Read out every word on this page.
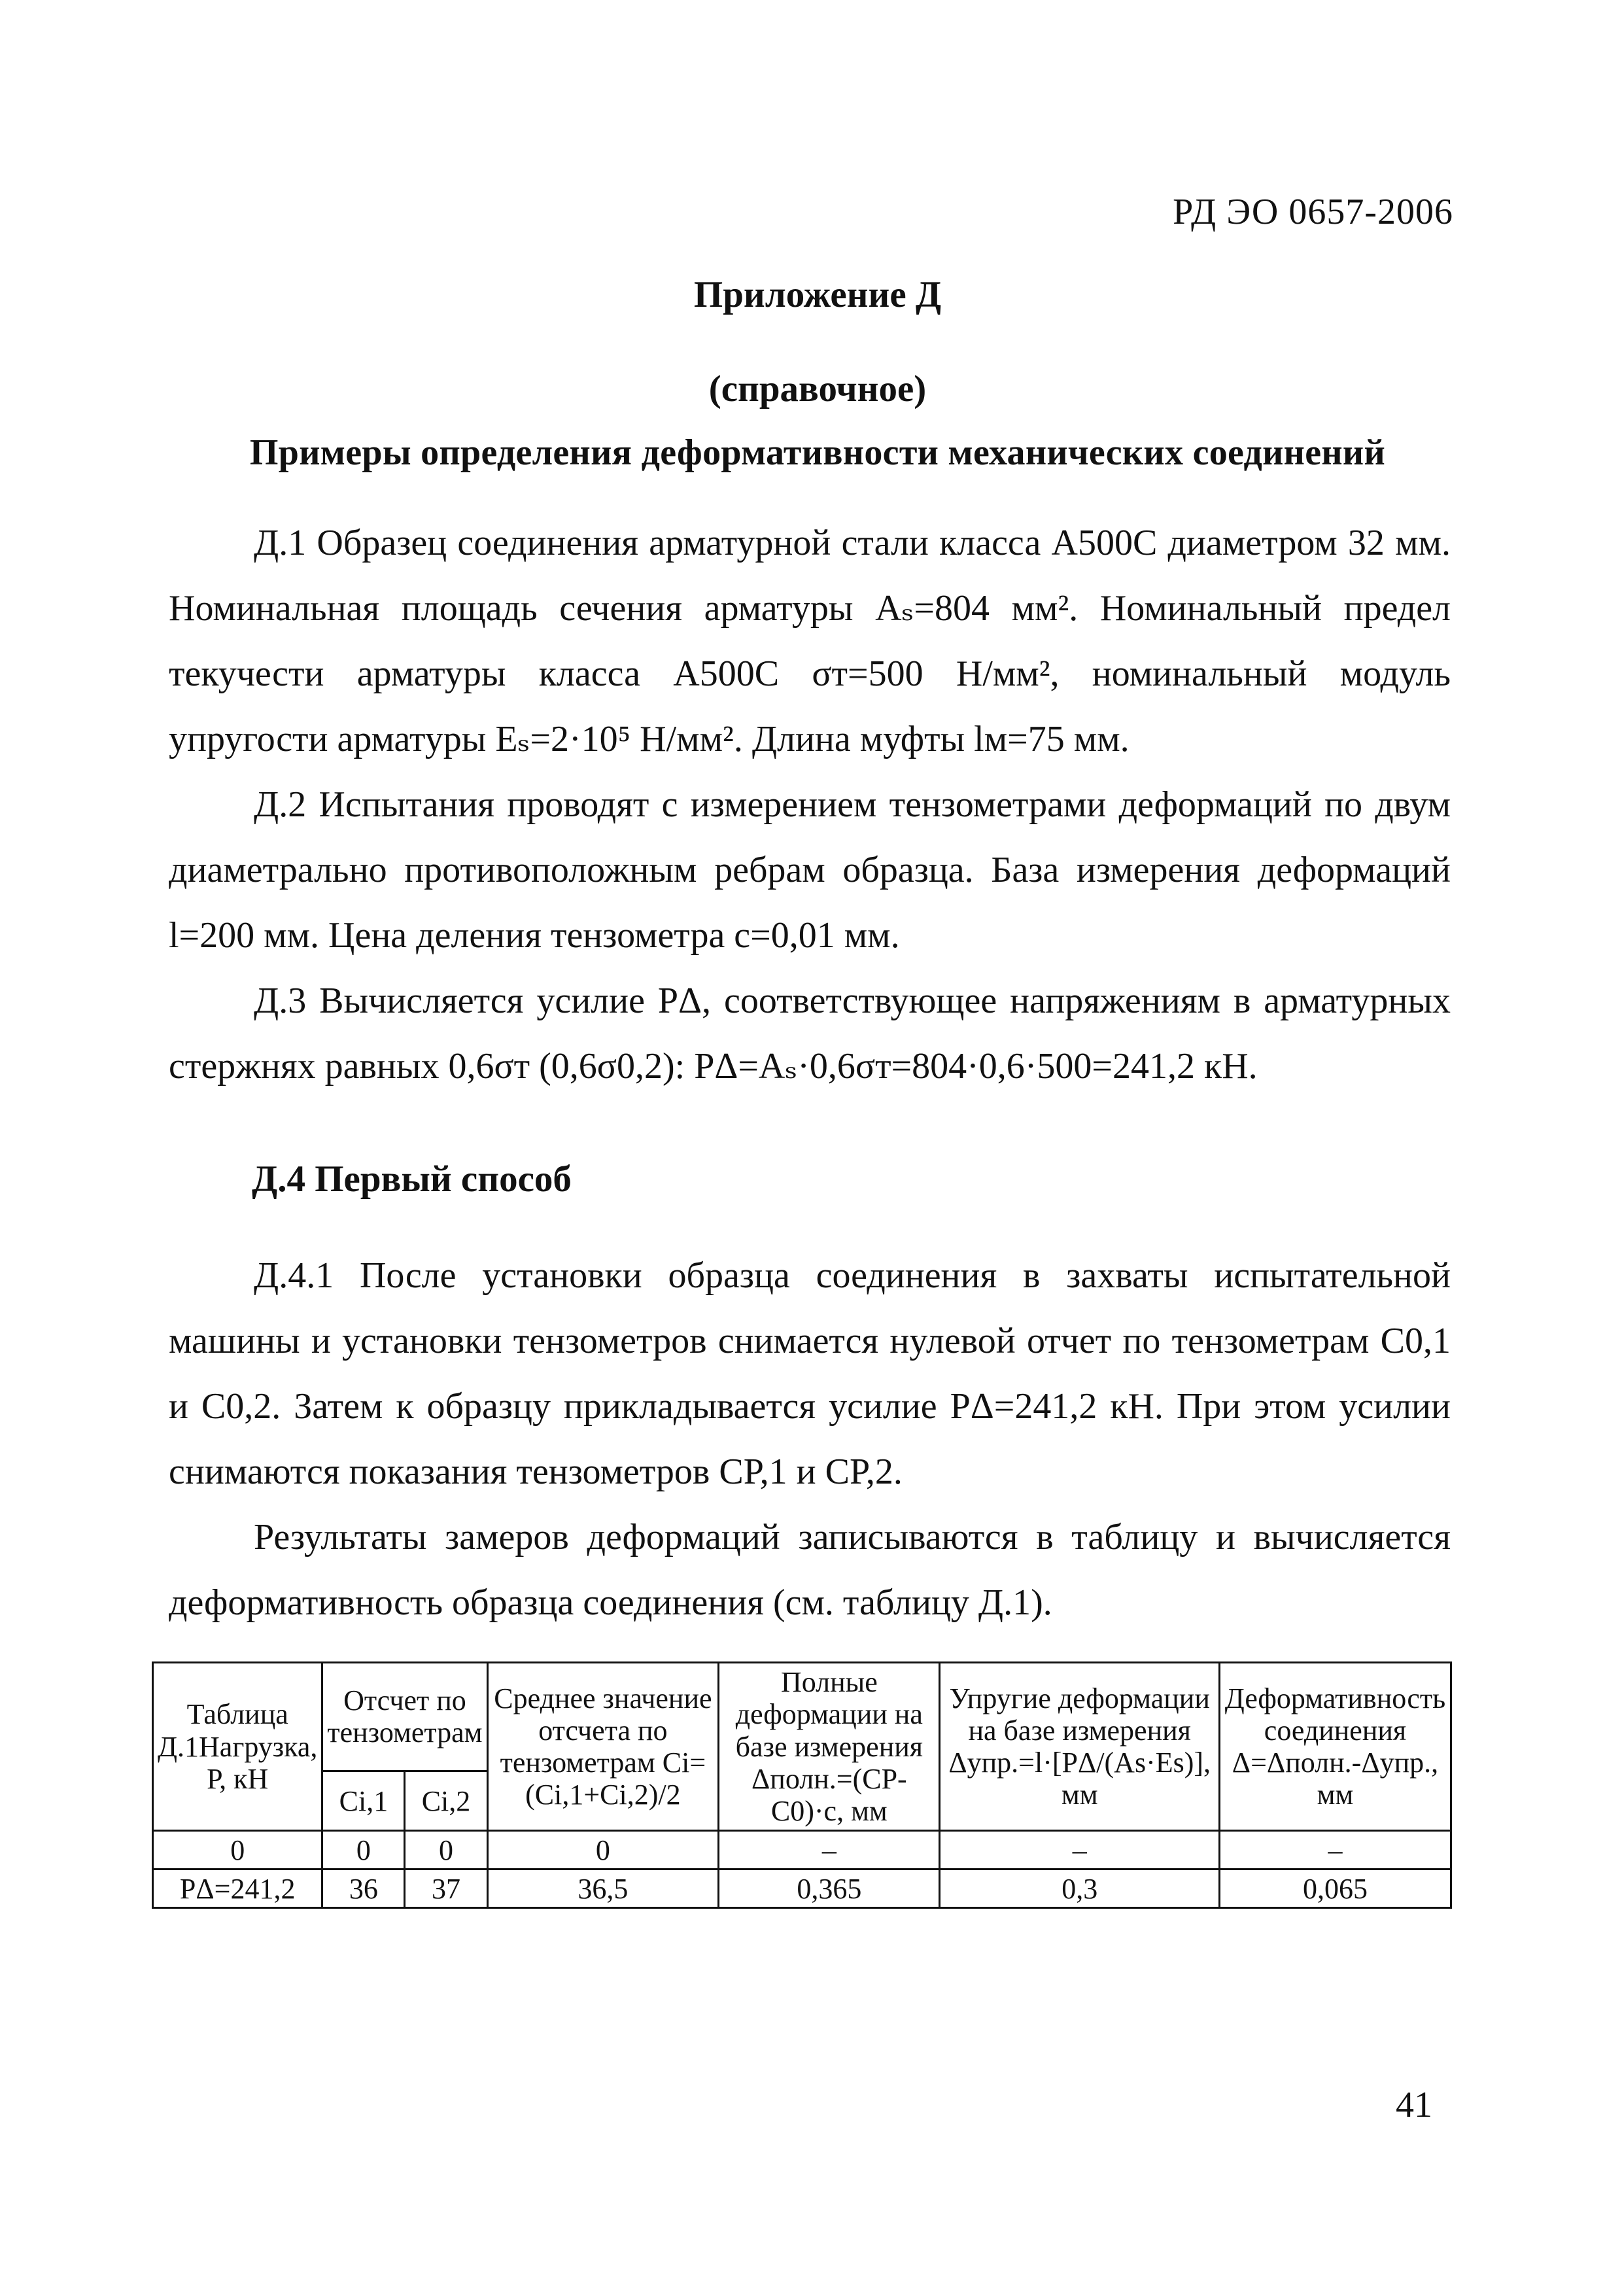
РД ЭО 0657-2006
Приложение Д
(справочное)
Примеры определения деформативности механических соединений

Д.1 Образец соединения арматурной стали класса А500С диаметром 32 мм. Номинальная площадь сечения арматуры Aₛ=804 мм². Номинальный предел текучести арматуры класса А500С σт=500 Н/мм², номинальный модуль упругости арматуры Eₛ=2·10⁵ Н/мм². Длина муфты lм=75 мм.

Д.2 Испытания проводят с измерением тензометрами деформаций по двум диаметрально противоположным ребрам образца. База измерения деформаций l=200 мм. Цена деления тензометра с=0,01 мм.

Д.3 Вычисляется усилие PΔ, соответствующее напряжениям в арматурных стержнях равных 0,6σт (0,6σ0,2): PΔ=Aₛ·0,6σт=804·0,6·500=241,2 кН.

Д.4 Первый способ

Д.4.1 После установки образца соединения в захваты испытательной машины и установки тензометров снимается нулевой отчет по тензометрам C0,1 и C0,2. Затем к образцу прикладывается усилие PΔ=241,2 кН. При этом усилии снимаются показания тензометров CP,1 и CP,2.

Результаты замеров деформаций записываются в таблицу и вычисляется деформативность образца соединения (см. таблицу Д.1).

Таблица Д.1Нагрузка, Р, кН	Отсчет по тензометрам		Среднее значение отсчета по тензометрам Ci=(Ci,1+Ci,2)/2	Полные деформации на базе измерения Δполн.=(CP-C0)·c, мм	Упругие деформации на базе измерения Δупр.=l·[PΔ/(As·Es)], мм	Деформативность соединения Δ=Δполн.-Δупр., мм
	Ci,1	Ci,2				
0	0	0	0	–	–	–
PΔ=241,2	36	37	36,5	0,365	0,3	0,065
41
